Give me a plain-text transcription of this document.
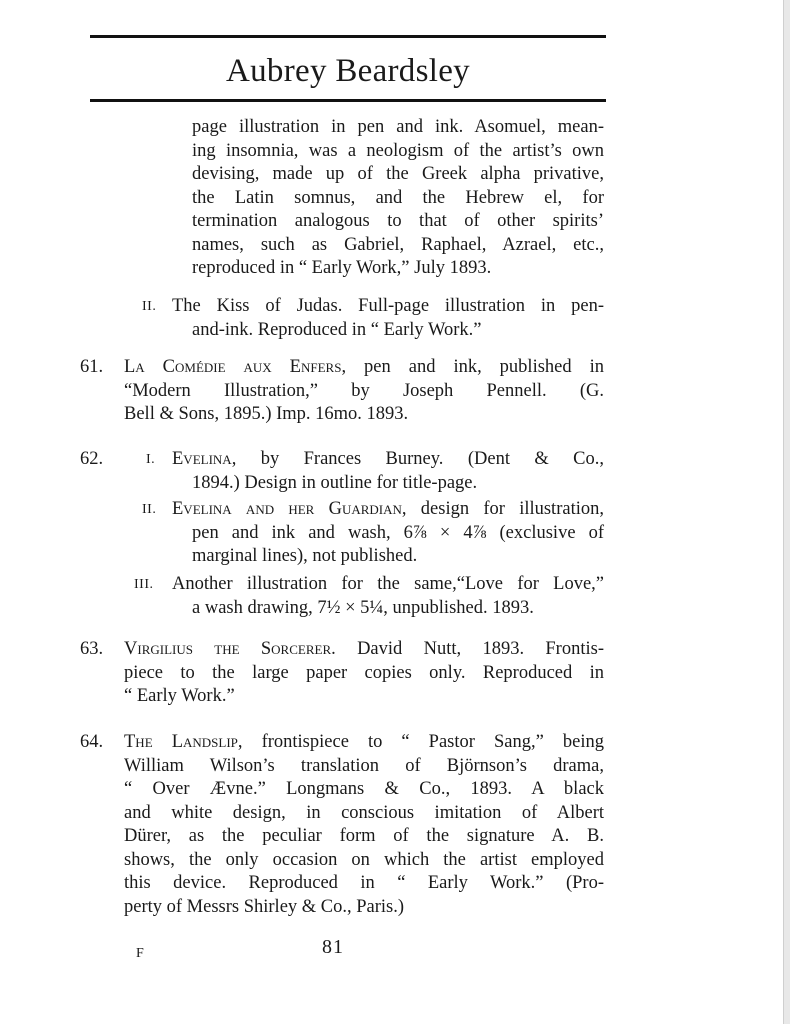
Aubrey Beardsley
page illustration in pen and ink. Asomuel, mean-
ing insomnia, was a neologism of the artist’s own
devising, made up of the Greek alpha privative,
the Latin somnus, and the Hebrew el, for
termination analogous to that of other spirits’
names, such as Gabriel, Raphael, Azrael, etc.,
reproduced in “ Early Work,” July 1893.
II. The Kiss of Judas. Full-page illustration in pen-
and-ink. Reproduced in “ Early Work.”
61. La Comédie aux Enfers, pen and ink, published in
“Modern Illustration,” by Joseph Pennell. (G.
Bell & Sons, 1895.) Imp. 16mo. 1893.
62.	I. Evelina, by Frances Burney. (Dent & Co.,
1894.) Design in outline for title-page.
II. Evelina and her Guardian, design for illustration,
pen and ink and wash, 6⅞ × 4⅞ (exclusive of
marginal lines), not published.
III. Another illustration for the same,“Love for Love,”
a wash drawing, 7½ × 5¼, unpublished. 1893.
63. Virgilius the Sorcerer. David Nutt, 1893. Frontis-
piece to the large paper copies only. Reproduced in
“ Early Work.”
64. The Landslip, frontispiece to “ Pastor Sang,” being
William Wilson’s translation of Björnson’s drama,
“ Over Ævne.” Longmans & Co., 1893. A black
and white design, in conscious imitation of Albert
Dürer, as the peculiar form of the signature A. B.
shows, the only occasion on which the artist employed
this device. Reproduced in “ Early Work.” (Pro-
perty of Messrs Shirley & Co., Paris.)
F	81
